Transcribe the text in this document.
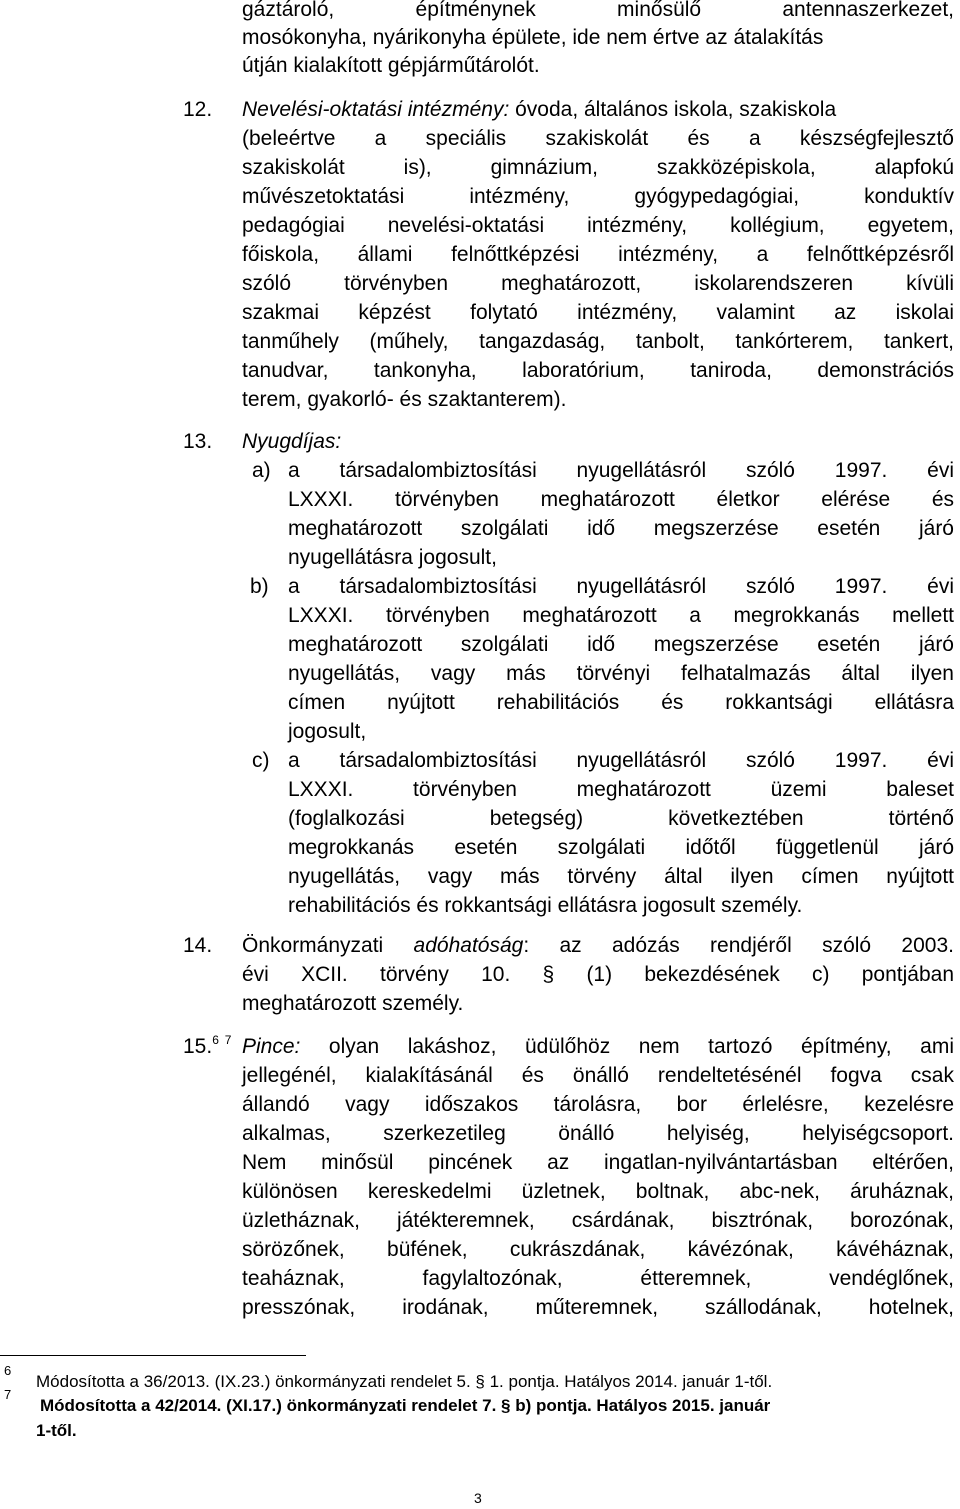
gáztároló, építménynek minősülő antennaszerkezet,
mosókonyha, nyárikonyha épülete, ide nem értve az átalakítás
útján kialakított gépjárműtárolót.
12. Nevelési-oktatási intézmény: óvoda, általános iskola, szakiskola
(beleértve a speciális szakiskolát és a készségfejlesztő
szakiskolát is), gimnázium, szakközépiskola, alapfokú
művészetoktatási intézmény, gyógypedagógiai, konduktív
pedagógiai nevelési-oktatási intézmény, kollégium, egyetem,
főiskola, állami felnőttképzési intézmény, a felnőttképzésről
szóló törvényben meghatározott, iskolarendszeren kívüli
szakmai képzést folytató intézmény, valamint az iskolai
tanműhely (műhely, tangazdaság, tanbolt, tankórterem, tankert,
tanudvar, tankonyha, laboratórium, taniroda, demonstrációs
terem, gyakorló- és szaktanterem).
13. Nyugdíjas:
a) a társadalombiztosítási nyugellátásról szóló 1997. évi
LXXXI. törvényben meghatározott életkor elérése és
meghatározott szolgálati idő megszerzése esetén járó
nyugellátásra jogosult,
b) a társadalombiztosítási nyugellátásról szóló 1997. évi
LXXXI. törvényben meghatározott a megrokkanás mellett
meghatározott szolgálati idő megszerzése esetén járó
nyugellátás, vagy más törvényi felhatalmazás által ilyen
címen nyújtott rehabilitációs és rokkantsági ellátásra
jogosult,
c) a társadalombiztosítási nyugellátásról szóló 1997. évi
LXXXI. törvényben meghatározott üzemi baleset
(foglalkozási betegség) következtében történő
megrokkanás esetén szolgálati időtől függetlenül járó
nyugellátás, vagy más törvény által ilyen címen nyújtott
rehabilitációs és rokkantsági ellátásra jogosult személy.
14. Önkormányzati adóhatóság: az adózás rendjéről szóló 2003.
évi XCII. törvény 10. § (1) bekezdésének c) pontjában
meghatározott személy.
15.$^6$ $^7$ Pince: olyan lakáshoz, üdülőhöz nem tartozó építmény, ami
jellegénél, kialakításánál és önálló rendeltetésénél fogva csak
állandó vagy időszakos tárolásra, bor érlelésre, kezelésre
alkalmas, szerkezetileg önálló helyiség, helyiségcsoport.
Nem minősül pincének az ingatlan-nyilvántartásban eltérően,
különösen kereskedelmi üzletnek, boltnak, abc-nek, áruháznak,
üzletháznak, játékteremnek, csárdának, bisztrónak, borozónak,
sörözőnek, büfének, cukrászdának, kávézónak, kávéháznak,
teaháznak, fagylaltozónak, étteremnek, vendéglőnek,
presszónak, irodának, műteremnek, szállodának, hotelnek,
6
Módosította a 36/2013. (IX.23.) önkormányzati rendelet 5. § 1. pontja. Hatályos 2014. január 1-től.
7
Módosította a 42/2014. (XI.17.) önkormányzati rendelet 7. § b) pontja. Hatályos 2015. január
1-től.
3
